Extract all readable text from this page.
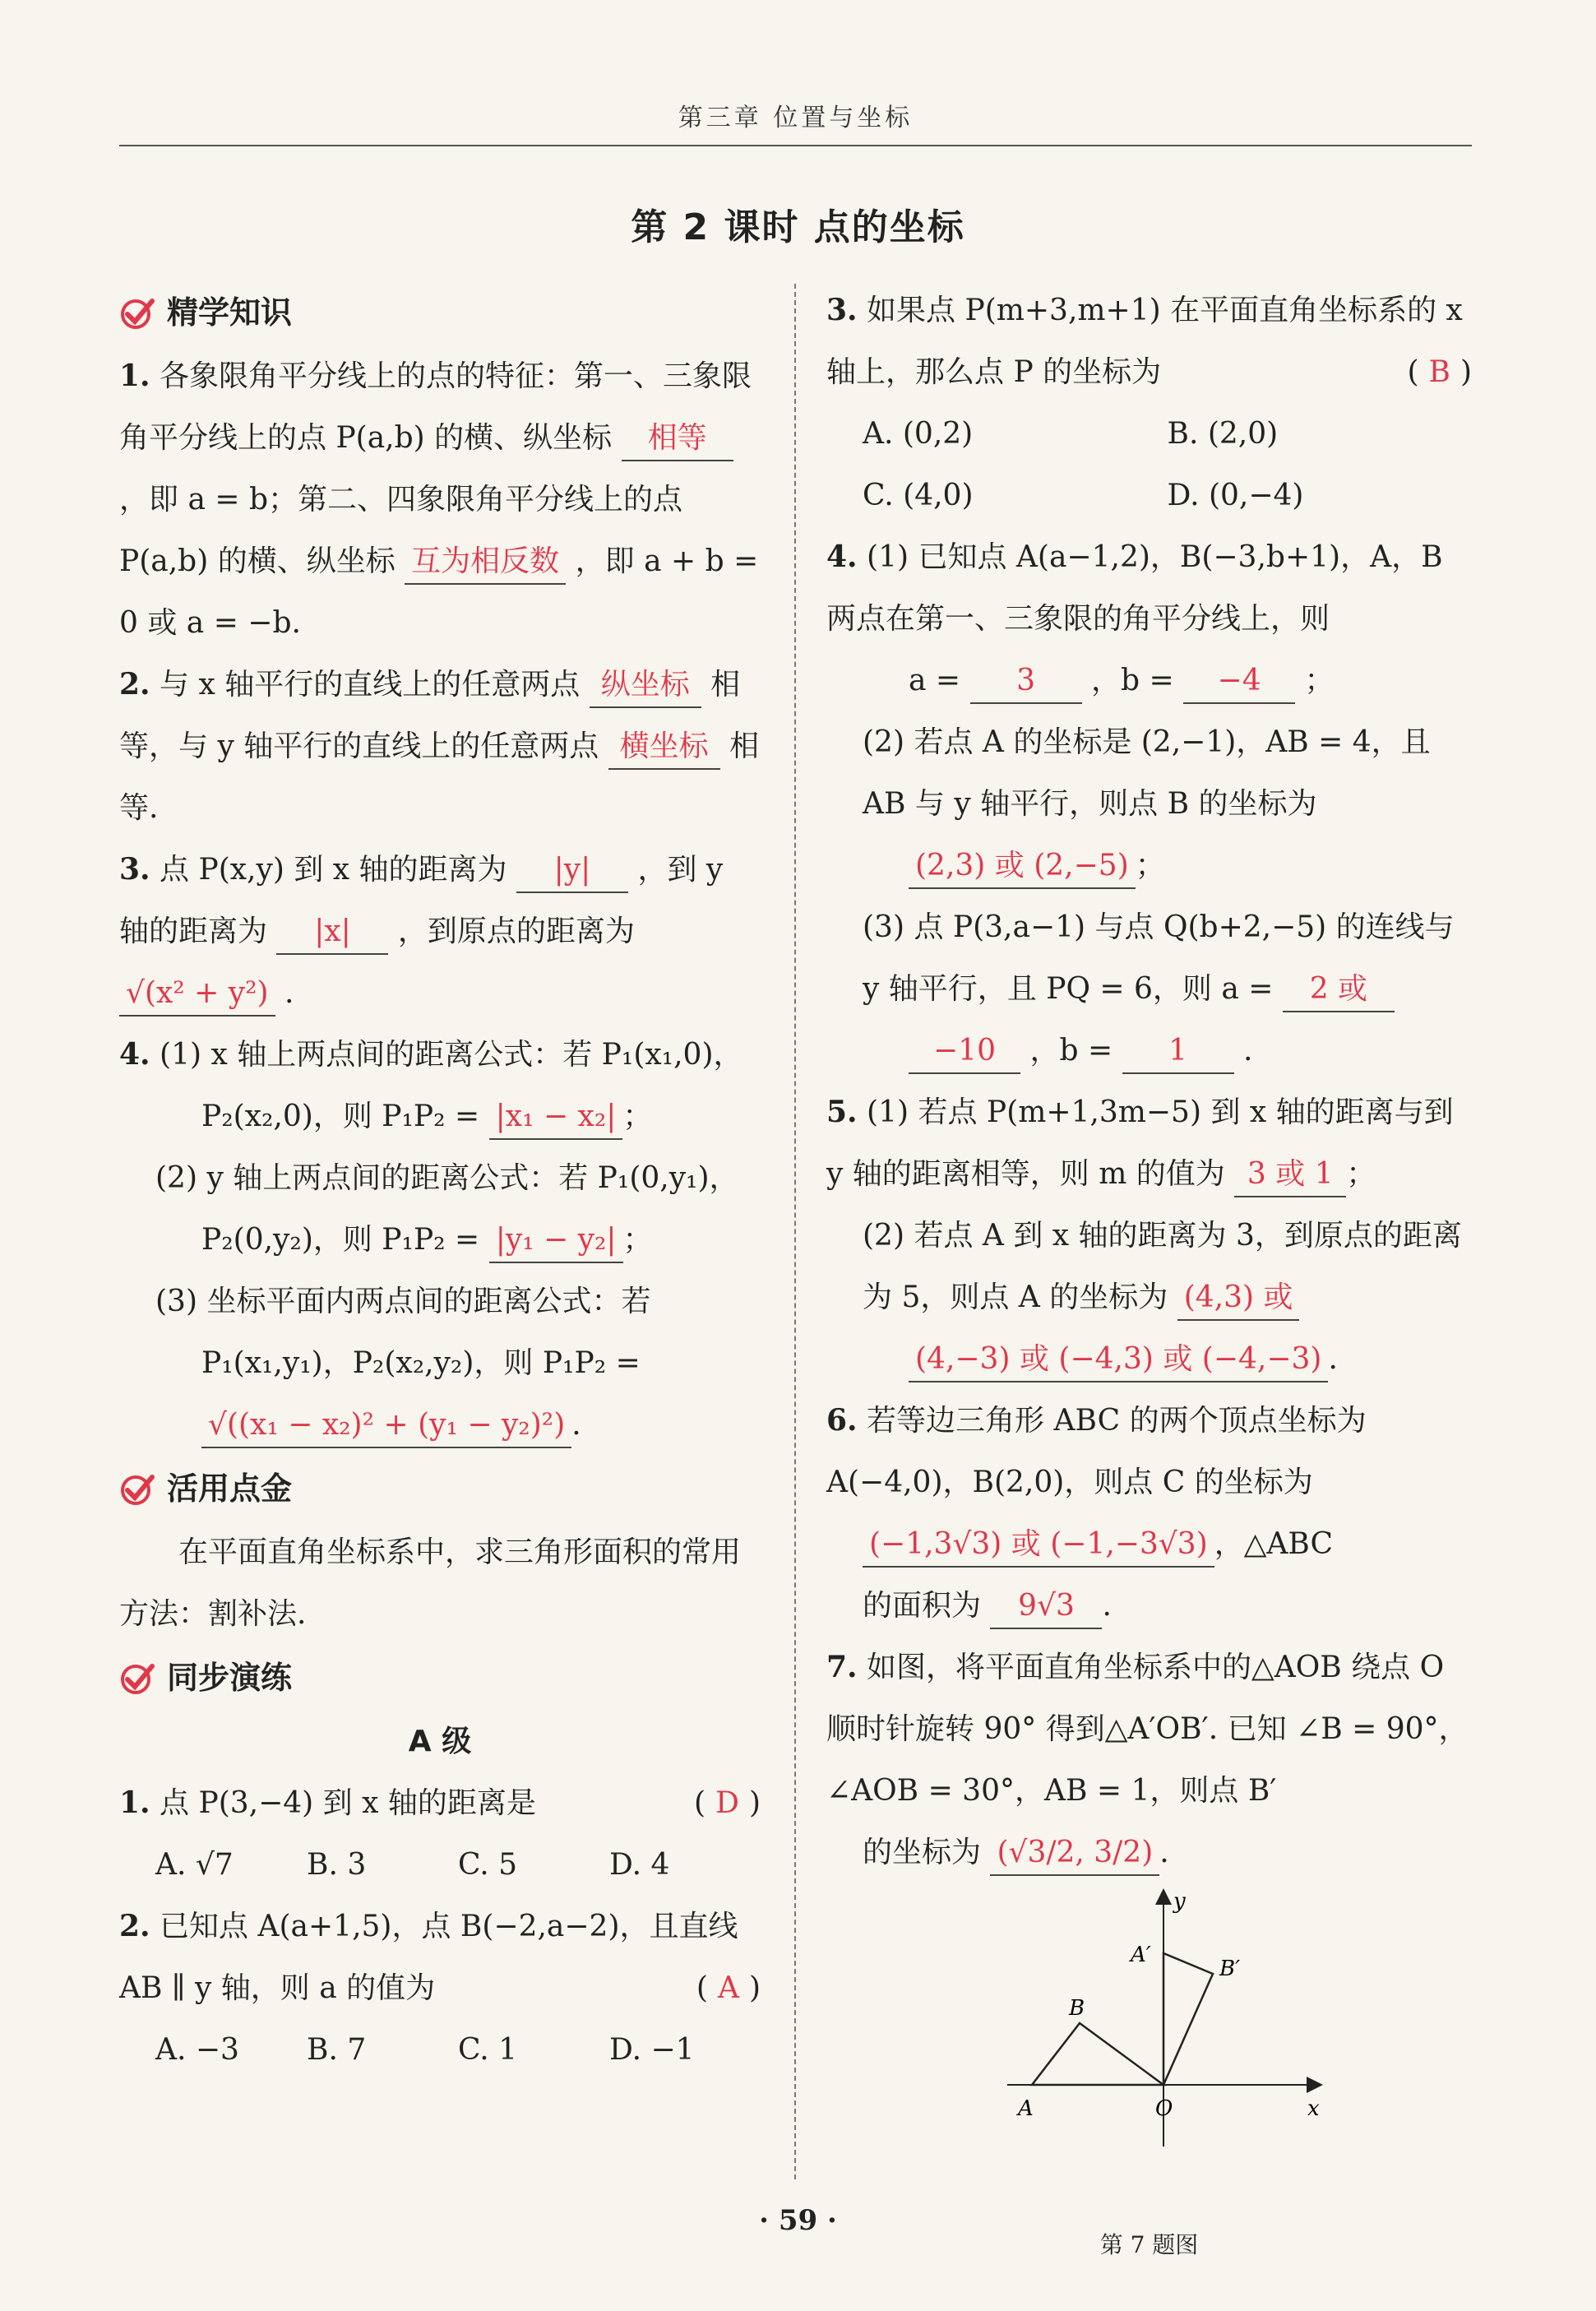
第三章 位置与坐标
第 2 课时 点的坐标
精学知识

1. 各象限角平分线上的点的特征：第一、三象限角平分线上的点 P(a,b) 的横、纵坐标 相等 ，即 a = b；第二、四象限角平分线上的点 P(a,b) 的横、纵坐标 互为相反数 ，即 a + b = 0 或 a = −b.

2. 与 x 轴平行的直线上的任意两点 纵坐标 相等，与 y 轴平行的直线上的任意两点 横坐标 相等.

3. 点 P(x,y) 到 x 轴的距离为 |y| ，到 y 轴的距离为 |x| ，到原点的距离为 √(x² + y²) .

4. (1) x 轴上两点间的距离公式：若 P₁(x₁,0)，

P₂(x₂,0)，则 P₁P₂ = |x₁ − x₂| ；

(2) y 轴上两点间的距离公式：若 P₁(0,y₁)，

P₂(0,y₂)，则 P₁P₂ = |y₁ − y₂| ；

(3) 坐标平面内两点间的距离公式：若

P₁(x₁,y₁)，P₂(x₂,y₂)，则 P₁P₂ =

√((x₁ − x₂)² + (y₁ − y₂)²) .

活用点金

在平面直角坐标系中，求三角形面积的常用方法：割补法.

同步演练

A 级

1. 点 P(3,−4) 到 x 轴的距离是	( D )

A. √7	B. 3	C. 5	D. 4

2. 已知点 A(a+1,5)，点 B(−2,a−2)，且直线 AB ∥ y 轴，则 a 的值为	( A )

A. −3	B. 7	C. 1	D. −1

3. 如果点 P(m+3,m+1) 在平面直角坐标系的 x 轴上，那么点 P 的坐标为	( B )

A. (0,2)	B. (2,0)
C. (4,0)	D. (0,−4)

4. (1) 已知点 A(a−1,2)，B(−3,b+1)，A，B 两点在第一、三象限的角平分线上，则

a = 3 ，b = −4 ；

(2) 若点 A 的坐标是 (2,−1)，AB = 4，且 AB 与 y 轴平行，则点 B 的坐标为

(2,3) 或 (2,−5) ；

(3) 点 P(3,a−1) 与点 Q(b+2,−5) 的连线与 y 轴平行，且 PQ = 6，则 a = 2 或

−10 ，b = 1 .

5. (1) 若点 P(m+1,3m−5) 到 x 轴的距离与到 y 轴的距离相等，则 m 的值为 3 或 1 ；

(2) 若点 A 到 x 轴的距离为 3，到原点的距离为 5，则点 A 的坐标为 (4,3) 或

(4,−3) 或 (−4,3) 或 (−4,−3) .

6. 若等边三角形 ABC 的两个顶点坐标为 A(−4,0)，B(2,0)，则点 C 的坐标为

(−1,3√3) 或 (−1,−3√3) ，△ABC

的面积为 9√3 .

7. 如图，将平面直角坐标系中的△AOB 绕点 O 顺时针旋转 90° 得到△A′OB′. 已知 ∠B = 90°，∠AOB = 30°，AB = 1，则点 B′

的坐标为 (√3/2, 3/2) .

y
x
A
B
O
A′
B′
第 7 题图
· 59 ·
